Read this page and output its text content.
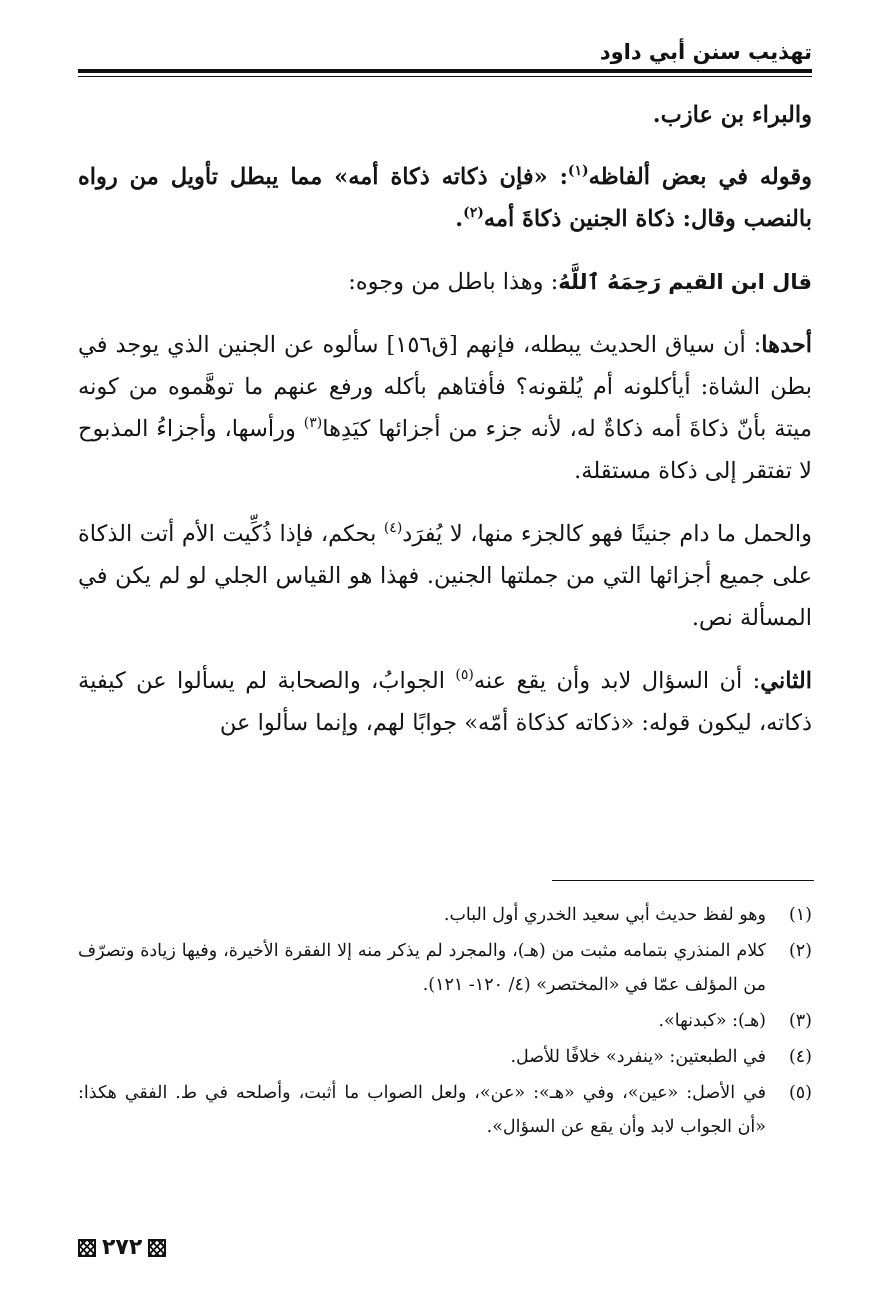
تهذيب سنن أبي داود

والبراء بن عازب.

وقوله في بعض ألفاظه$^{(١)}$: «فإن ذكاته ذكاة أمه» مما يبطل تأويل من رواه بالنصب وقال: ذكاة الجنين ذكاةَ أمه$^{(٢)}$.

قال ابن القيم رَحِمَهُ ٱللَّهُ: وهذا باطل من وجوه:

أحدها: أن سياق الحديث يبطله، فإنهم [ق١٥٦] سألوه عن الجنين الذي يوجد في بطن الشاة: أيأكلونه أم يُلقونه؟ فأفتاهم بأكله ورفع عنهم ما توهَّموه من كونه ميتة بأنّ ذكاةَ أمه ذكاةٌ له، لأنه جزء من أجزائها كيَدِها$^{(٣)}$ ورأسها، وأجزاءُ المذبوح لا تفتقر إلى ذكاة مستقلة.

والحمل ما دام جنينًا فهو كالجزء منها، لا يُفرَد$^{(٤)}$ بحكم، فإذا ذُكِّيت الأم أتت الذكاة على جميع أجزائها التي من جملتها الجنين. فهذا هو القياس الجلي لو لم يكن في المسألة نص.

الثاني: أن السؤال لابد وأن يقع عنه$^{(٥)}$ الجوابُ، والصحابة لم يسألوا عن كيفية ذكاته، ليكون قوله: «ذكاته كذكاة أمّه» جوابًا لهم، وإنما سألوا عن

(١)
وهو لفظ حديث أبي سعيد الخدري أول الباب.
(٢)
كلام المنذري بتمامه مثبت من (هـ)، والمجرد لم يذكر منه إلا الفقرة الأخيرة، وفيها زيادة وتصرّف من المؤلف عمّا في «المختصر» (٤/ ١٢٠- ١٢١).
(٣)
(هـ): «كبدنها».
(٤)
في الطبعتين: «ينفرد» خلافًا للأصل.
(٥)
في الأصل: «عين»، وفي «هـ»: «عن»، ولعل الصواب ما أثبت، وأصلحه في ط. الفقي هكذا: «أن الجواب لابد وأن يقع عن السؤال».
٢٧٢
